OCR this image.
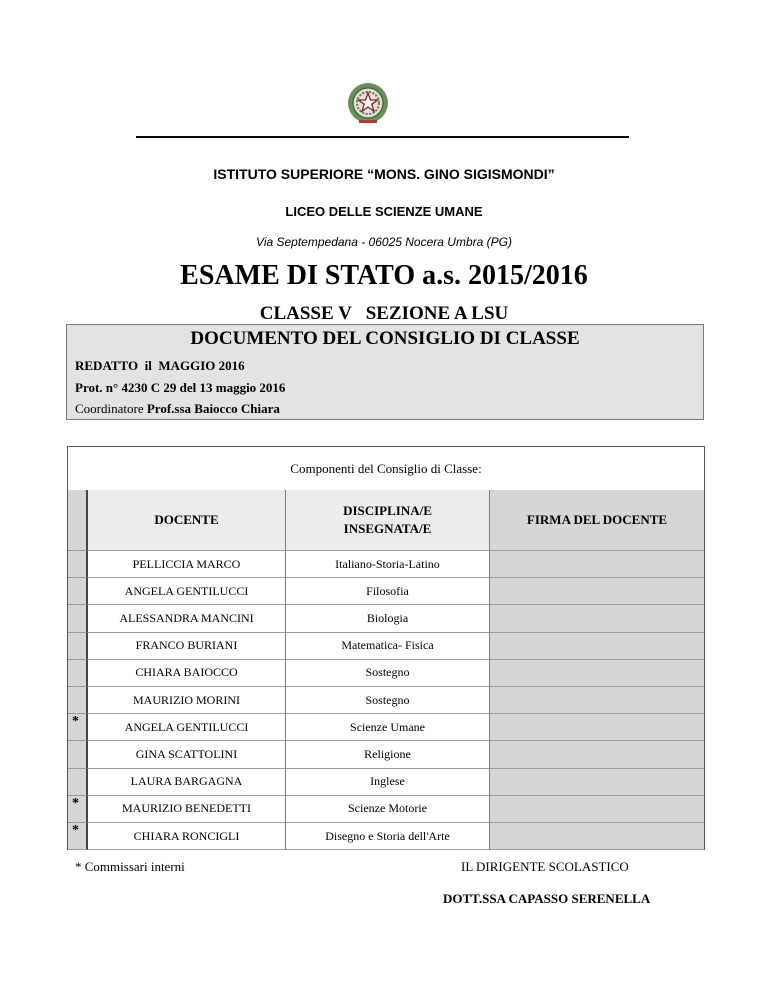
ISTITUTO SUPERIORE “MONS. GINO SIGISMONDI”
LICEO DELLE SCIENZE UMANE
Via Septempedana - 06025 Nocera Umbra (PG)
ESAME DI STATO a.s. 2015/2016
CLASSE V   SEZIONE A LSU
DOCUMENTO DEL CONSIGLIO DI CLASSE
REDATTO  il  MAGGIO 2016
Prot. n° 4230 C 29 del 13 maggio 2016
Coordinatore Prof.ssa Baiocco Chiara
Componenti del Consiglio di Classe:
DOCENTE
DISCIPLINA/E
INSEGNATA/E
FIRMA DEL DOCENTE
PELLICCIA MARCO	Italiano-Storia-Latino
ANGELA GENTILUCCI	Filosofia
ALESSANDRA MANCINI	Biologia
FRANCO BURIANI	Matematica- Fisica
CHIARA BAIOCCO	Sostegno
MAURIZIO MORINI	Sostegno
*	ANGELA GENTILUCCI	Scienze Umane
GINA SCATTOLINI	Religione
LAURA BARGAGNA	Inglese
*	MAURIZIO BENEDETTI	Scienze Motorie
*	CHIARA RONCIGLI	Disegno e Storia dell'Arte
* Commissari interni	IL DIRIGENTE SCOLASTICO
DOTT.SSA CAPASSO SERENELLA
